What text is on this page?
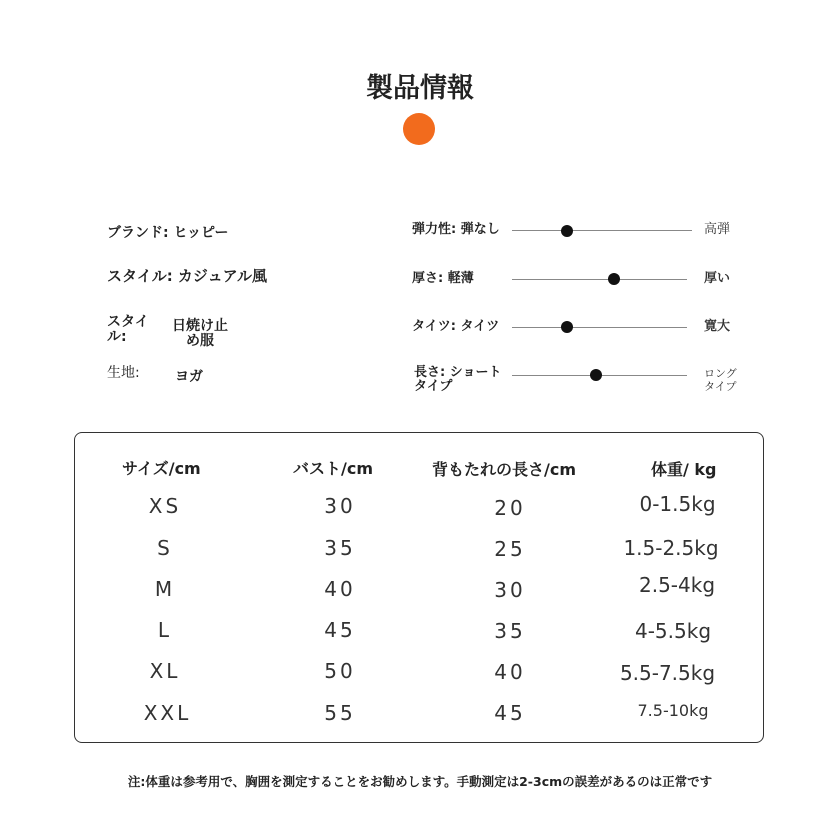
製品情報
ブランド: ヒッピー
スタイル: カジュアル風
スタイ
ル:
日焼け止
め服
生地:	ヨガ
弾力性: 弾なし	高弾
厚さ: 軽薄	厚い
タイツ: タイツ	寛大
長さ: ショート
タイプ
ロング
タイプ
サイズ/cm	バスト/cm	背もたれの長さ/cm	体重/ kg
XS	30	20	0-1.5kg
S	35	25	1.5-2.5kg
M	40	30	2.5-4kg
L	45	35	4-5.5kg
XL	50	40	5.5-7.5kg
XXL	55	45	7.5-10kg
注:体重は参考用で、胸囲を測定することをお勧めします。手動測定は2-3cmの誤差があるのは正常です
